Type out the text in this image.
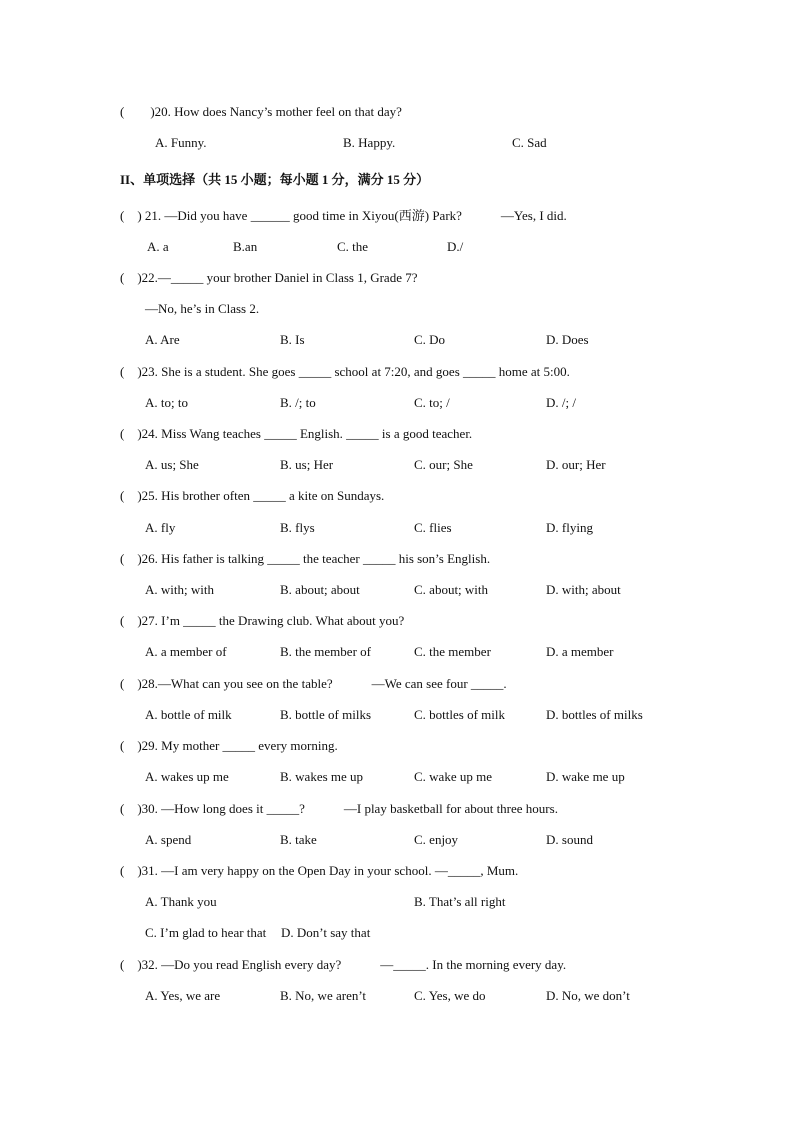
(　　)20. How does Nancy’s mother feel on that day?
A. Funny.	B. Happy.	C. Sad
II、单项选择（共 15 小题；每小题 1 分，满分 15 分）
(　) 21. —Did you have ______ good time in Xiyou(西游) Park?　　　—Yes, I did.
A. a	B.an	C. the	D./
(　)22.—_____ your brother Daniel in Class 1, Grade 7?
—No, he’s in Class 2.
A. Are	B. Is	C. Do	D. Does
(　)23. She is a student. She goes _____ school at 7:20, and goes _____ home at 5:00.
A. to; to	B. /; to	C. to; /	D. /; /
(　)24. Miss Wang teaches _____ English. _____ is a good teacher.
A. us; She	B. us; Her	C. our; She	D. our; Her
(　)25. His brother often _____ a kite on Sundays.
A. fly	B. flys	C. flies	D. flying
(　)26. His father is talking _____ the teacher _____ his son’s English.
A. with; with	B. about; about	C. about; with	D. with; about
(　)27. I’m _____ the Drawing club. What about you?
A. a member of	B. the member of	C. the member	D. a member
(　)28.—What can you see on the table?　　　—We can see four _____.
A. bottle of milk	B. bottle of milks	C. bottles of milk	D. bottles of milks
(　)29. My mother _____ every morning.
A. wakes up me	B. wakes me up	C. wake up me	D. wake me up
(　)30. —How long does it _____?　　　—I play basketball for about three hours.
A. spend	B. take	C. enjoy	D. sound
(　)31. —I am very happy on the Open Day in your school. —_____, Mum.
A. Thank you	B. That’s all right
C. I’m glad to hear that D. Don’t say that
(　)32. —Do you read English every day?　　　—_____. In the morning every day.
A. Yes, we are	B. No, we aren’t	C. Yes, we do	D. No, we don’t
